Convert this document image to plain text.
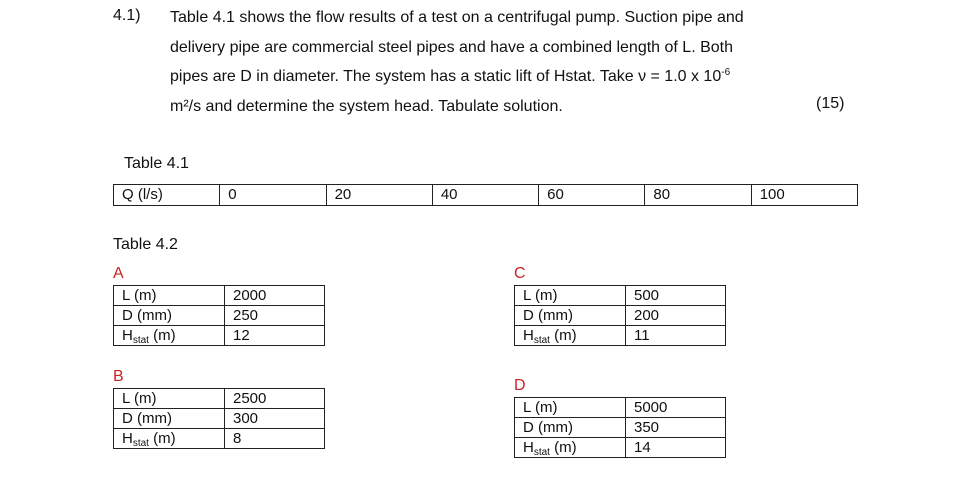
4.1) Table 4.1 shows the flow results of a test on a centrifugal pump. Suction pipe and
delivery pipe are commercial steel pipes and have a combined length of L. Both
pipes are D in diameter. The system has a static lift of Hstat. Take ν = 1.0 x $10^{-6}$
m²/s and determine the system head. Tabulate solution.	(15)
Table 4.1
Q (l/s)	0	20	40	60	80	100
Table 4.2
A
L (m)	2000
D (mm)	250
$H_{stat}$ (m)	12
B
L (m)	2500
D (mm)	300
$H_{stat}$ (m)	8
C
L (m)	500
D (mm)	200
$H_{stat}$ (m)	11
D
L (m)	5000
D (mm)	350
$H_{stat}$ (m)	14
